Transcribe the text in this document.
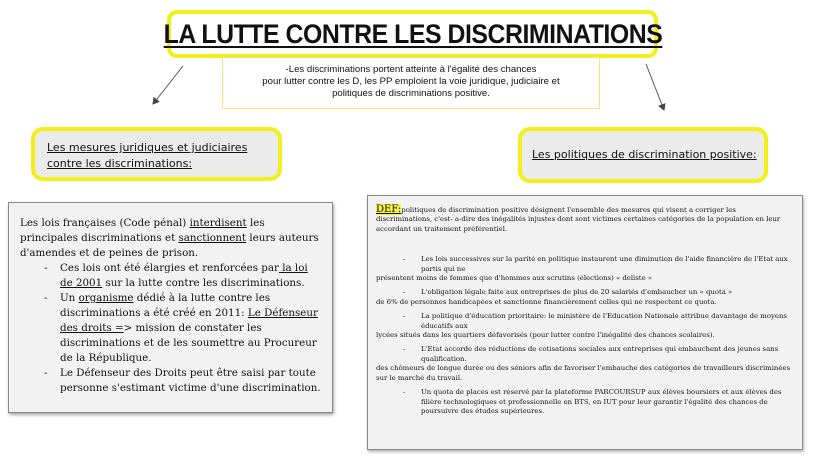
LA LUTTE CONTRE LES DISCRIMINATIONS
-Les discriminations portent atteinte à l'égalité des chances
pour lutter contre les D, les PP emploient la voie juridique, judiciaire et
politiques de discriminations positive.
Les mesures juridiques et judiciaires contre les discriminations:
Les politiques de discrimination positive:

Les lois françaises (Code pénal) interdisent les principales discriminations et sanctionnent leurs auteurs d'amendes et de peines de prison.

- Ces lois ont été élargies et renforcées par la loi de 2001 sur la lutte contre les discriminations.
- Un organisme dédié à la lutte contre les discriminations a été créé en 2011: Le Défenseur des droits => mission de constater les discriminations et de les soumettre au Procureur de la République.
- Le Défenseur des Droits peut être saisi par toute personne s'estimant victime d'une discrimination.

DEF:politiques de discrimination positive désignent l'ensemble des mesures qui visent a corriger les discriminations, c'est- a-dire des inégalités injustes dont sont victimes certaines catégories de la population en leur accordant un traitement préférentiel.

- Les lois successives sur la parité en politique instaurent une diminution de l'aide financière de l'Etat aux partis qui ne
présentent moins de femmes que d'hommes aux scrutins (élections) « deliste »
- L'obligation légale faite aux entreprises de plus de 20 salariés d'embaucher un « quota »
de 6% de personnes handicapées et sanctionne financièrement celles qui ne respectent ce quota.
- La politique d'éducation prioritaire: le ministère de l'Education Nationale attribue davantage de moyens éducatifs aux
lycées situés dans les quartiers défavorisés (pour lutter contre l'inégalité des chances scolaires).
- L'Etat accorde des réductions de cotisations sociales aux entreprises qui embauchent des jeunes sans qualification.
des chômeurs de longue durée ou des séniors afin de favoriser l'embauche des catégories de travailleurs discriminées sur le marché du travail.
- Un quota de places est réservé par la plateforme PARCOURSUP aux élèves boursiers et aux élèves des filière technologiques et professionnelle en BTS, en IUT pour leur garantir l'égalité des chances de poursuivre des études supérieures.
